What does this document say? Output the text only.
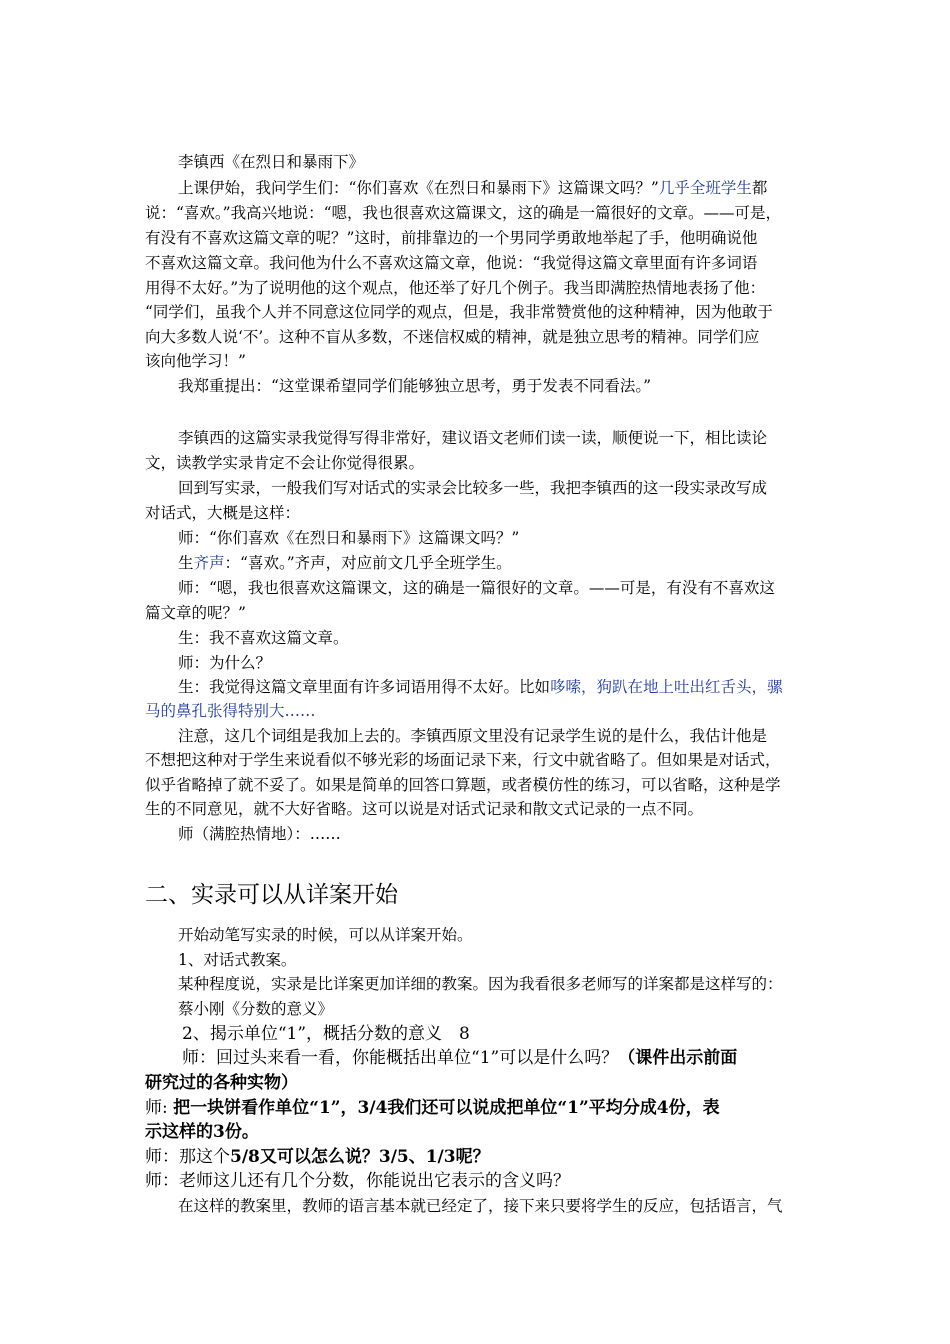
李镇西《在烈日和暴雨下》
上课伊始，我问学生们：“你们喜欢《在烈日和暴雨下》这篇课文吗？”几乎全班学生都
说：“喜欢。”我高兴地说：“嗯，我也很喜欢这篇课文，这的确是一篇很好的文章。——可是，
有没有不喜欢这篇文章的呢？”这时，前排靠边的一个男同学勇敢地举起了手，他明确说他
不喜欢这篇文章。我问他为什么不喜欢这篇文章，他说：“我觉得这篇文章里面有许多词语
用得不太好。”为了说明他的这个观点，他还举了好几个例子。我当即满腔热情地表扬了他：
“同学们，虽我个人并不同意这位同学的观点，但是，我非常赞赏他的这种精神，因为他敢于
向大多数人说‘不’。这种不盲从多数，不迷信权威的精神，就是独立思考的精神。同学们应
该向他学习！”
我郑重提出：“这堂课希望同学们能够独立思考，勇于发表不同看法。”
李镇西的这篇实录我觉得写得非常好，建议语文老师们读一读，顺便说一下，相比读论
文，读教学实录肯定不会让你觉得很累。
回到写实录，一般我们写对话式的实录会比较多一些，我把李镇西的这一段实录改写成
对话式，大概是这样：
师：“你们喜欢《在烈日和暴雨下》这篇课文吗？”
生齐声：“喜欢。”齐声，对应前文几乎全班学生。
师：“嗯，我也很喜欢这篇课文，这的确是一篇很好的文章。——可是，有没有不喜欢这
篇文章的呢？”
生：我不喜欢这篇文章。
师：为什么？
生：我觉得这篇文章里面有许多词语用得不太好。比如哆嗦，狗趴在地上吐出红舌头，骡
马的鼻孔张得特别大……
注意，这几个词组是我加上去的。李镇西原文里没有记录学生说的是什么，我估计他是
不想把这种对于学生来说看似不够光彩的场面记录下来，行文中就省略了。但如果是对话式，
似乎省略掉了就不妥了。如果是简单的回答口算题，或者模仿性的练习，可以省略，这种是学
生的不同意见，就不大好省略。这可以说是对话式记录和散文式记录的一点不同。
师（满腔热情地）：……
二、实录可以从详案开始
开始动笔写实录的时候，可以从详案开始。
1、对话式教案。
某种程度说，实录是比详案更加详细的教案。因为我看很多老师写的详案都是这样写的：
蔡小刚《分数的意义》
2、揭示单位“1”，概括分数的意义　8
师：回过头来看一看，你能概括出单位“1”可以是什么吗？（课件出示前面
研究过的各种实物）
师: 把一块饼看作单位“1”，3/4我们还可以说成把单位“1”平均分成4份，表
示这样的3份。
师：那这个5/8又可以怎么说？3/5、1/3呢？
师：老师这儿还有几个分数，你能说出它表示的含义吗？
在这样的教案里，教师的语言基本就已经定了，接下来只要将学生的反应，包括语言，气
